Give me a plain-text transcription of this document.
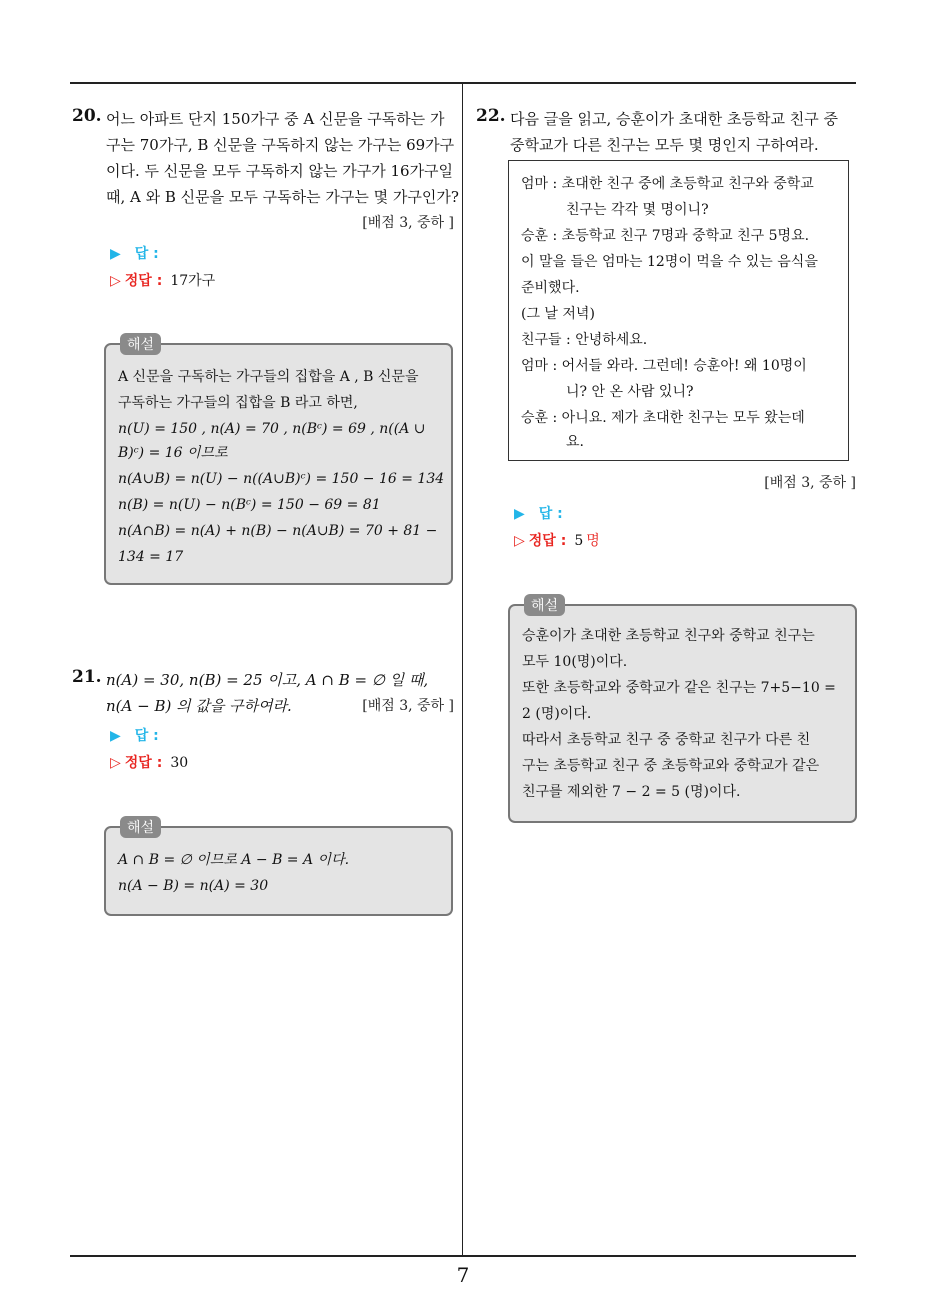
7
20. 어느 아파트 단지 150가구 중 A 신문을 구독하는 가
구는 70가구, B 신문을 구독하지 않는 가구는 69가구
이다. 두 신문을 모두 구독하지 않는 가구가 16가구일
때, A 와 B 신문을 모두 구독하는 가구는 몇 가구인가?
[배점 3, 중하 ]
▶ 답 :
▷ 정답 : 17가구
해설
A 신문을 구독하는 가구들의 집합을 A , B 신문을
구독하는 가구들의 집합을 B 라고 하면,
n(U) = 150 , n(A) = 70 , n(Bᶜ) = 69 , n((A ∪
B)ᶜ) = 16 이므로
n(A∪B) = n(U) − n((A∪B)ᶜ) = 150 − 16 = 134
n(B) = n(U) − n(Bᶜ) = 150 − 69 = 81
n(A∩B) = n(A) + n(B) − n(A∪B) = 70 + 81 −
134 = 17
21. n(A) = 30, n(B) = 25 이고, A ∩ B = ∅ 일 때,
n(A − B) 의 값을 구하여라.	[배점 3, 중하 ]
▶ 답 :
▷ 정답 : 30
해설
A ∩ B = ∅ 이므로 A − B = A 이다.
n(A − B) = n(A) = 30
22. 다음 글을 읽고, 승훈이가 초대한 초등학교 친구 중
중학교가 다른 친구는 모두 몇 명인지 구하여라.
엄마 : 초대한 친구 중에 초등학교 친구와 중학교
친구는 각각 몇 명이니?
승훈 : 초등학교 친구 7명과 중학교 친구 5명요.
이 말을 들은 엄마는 12명이 먹을 수 있는 음식을
준비했다.
(그 날 저녁)
친구들 : 안녕하세요.
엄마 : 어서들 와라. 그런데! 승훈아! 왜 10명이
니? 안 온 사람 있니?
승훈 : 아니요. 제가 초대한 친구는 모두 왔는데
요.
[배점 3, 중하 ]
▶ 답 :
▷ 정답 : 5 명
해설
승훈이가 초대한 초등학교 친구와 중학교 친구는
모두 10(명)이다.
또한 초등학교와 중학교가 같은 친구는 7+5−10 =
2 (명)이다.
따라서 초등학교 친구 중 중학교 친구가 다른 친
구는 초등학교 친구 중 초등학교와 중학교가 같은
친구를 제외한 7 − 2 = 5 (명)이다.
